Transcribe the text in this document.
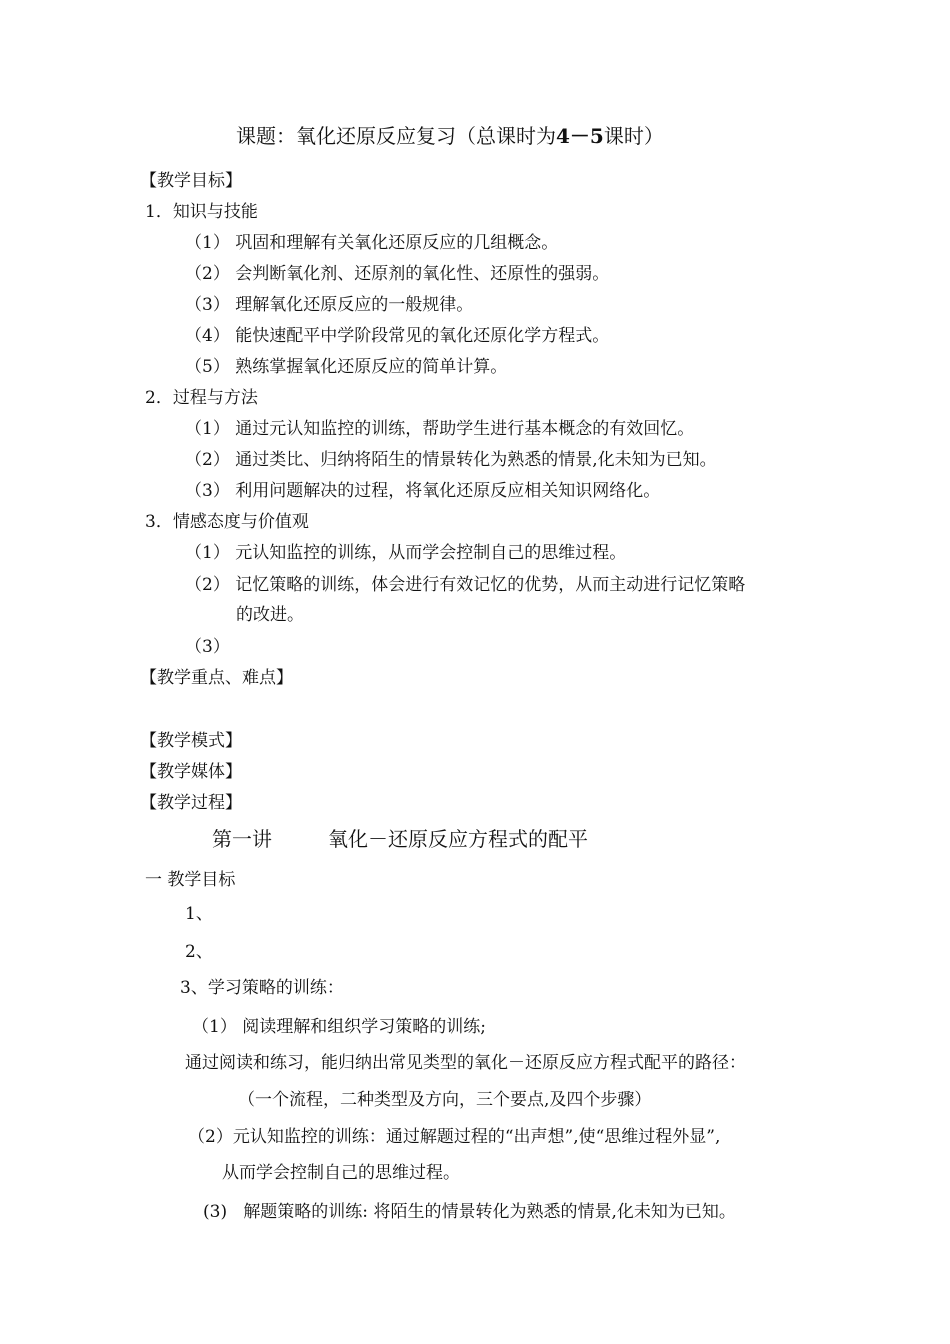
课题：氧化还原反应复习（总课时为4－5课时）
【教学目标】
1．知识与技能
（1） 巩固和理解有关氧化还原反应的几组概念。
（2） 会判断氧化剂、还原剂的氧化性、还原性的强弱。
（3） 理解氧化还原反应的一般规律。
（4） 能快速配平中学阶段常见的氧化还原化学方程式。
（5） 熟练掌握氧化还原反应的简单计算。
2．过程与方法
（1） 通过元认知监控的训练，帮助学生进行基本概念的有效回忆。
（2） 通过类比、归纳将陌生的情景转化为熟悉的情景,化未知为已知。
（3） 利用问题解决的过程，将氧化还原反应相关知识网络化。
3．情感态度与价值观
（1） 元认知监控的训练，从而学会控制自己的思维过程。
（2） 记忆策略的训练，体会进行有效记忆的优势，从而主动进行记忆策略
的改进。
（3）
【教学重点、难点】
【教学模式】
【教学媒体】
【教学过程】
第一讲	氧化－还原反应方程式的配平
一 教学目标
1、
2、
3、学习策略的训练：
（1） 阅读理解和组织学习策略的训练;
通过阅读和练习，能归纳出常见类型的氧化－还原反应方程式配平的路径：
（一个流程，二种类型及方向，三个要点,及四个步骤）
（2）元认知监控的训练：通过解题过程的“出声想”,使“思维过程外显”,
从而学会控制自己的思维过程。
(3) 解题策略的训练: 将陌生的情景转化为熟悉的情景,化未知为已知。
